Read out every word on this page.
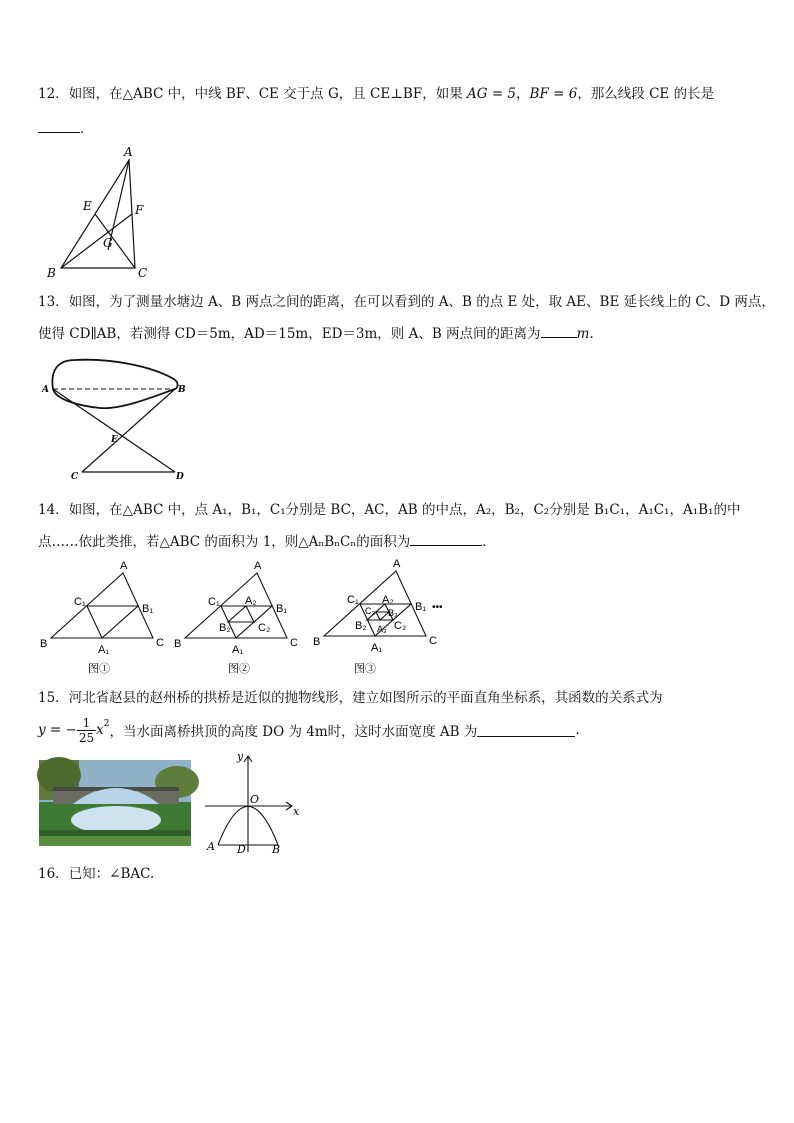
12．如图，在△ABC 中，中线 BF、CE 交于点 G，且 CE⊥BF，如果 AG = 5，BF = 6，那么线段 CE 的长是
．
A
B	C
E	F
G
13．如图，为了测量水塘边 A、B 两点之间的距离，在可以看到的 A、B 的点 E 处，取 AE、BE 延长线上的 C、D 两点，
使得 CD∥AB，若测得 CD＝5m，AD＝15m，ED＝3m，则 A、B 两点间的距离为	m.
A	B
C	D
E
14．如图，在△ABC 中，点 A₁，B₁，C₁分别是 BC，AC，AB 的中点，A₂，B₂，C₂分别是 B₁C₁，A₁C₁，A₁B₁的中
点……依此类推，若△ABC 的面积为 1，则△AₙBₙCₙ的面积为	．
A
B	C
C₁
B₁
A₁
图①
A
B	C
C₁
B₁
A₁
A₂
B₂ C₂
图②
A
B	C
C₁
B₁
A₁
A₂
B₂ C₂
A₃
B₃
C₃	•••
图③
15．河北省赵县的赵州桥的拱桥是近似的抛物线形，建立如图所示的平面直角坐标系，其函数的关系式为
y = − $\frac{1}{25} x^2$ ，当水面离桥拱顶的高度 DO 为 4m时，这时水面宽度 AB 为	.
y
x
O
A D B
16．已知：∠BAC.
